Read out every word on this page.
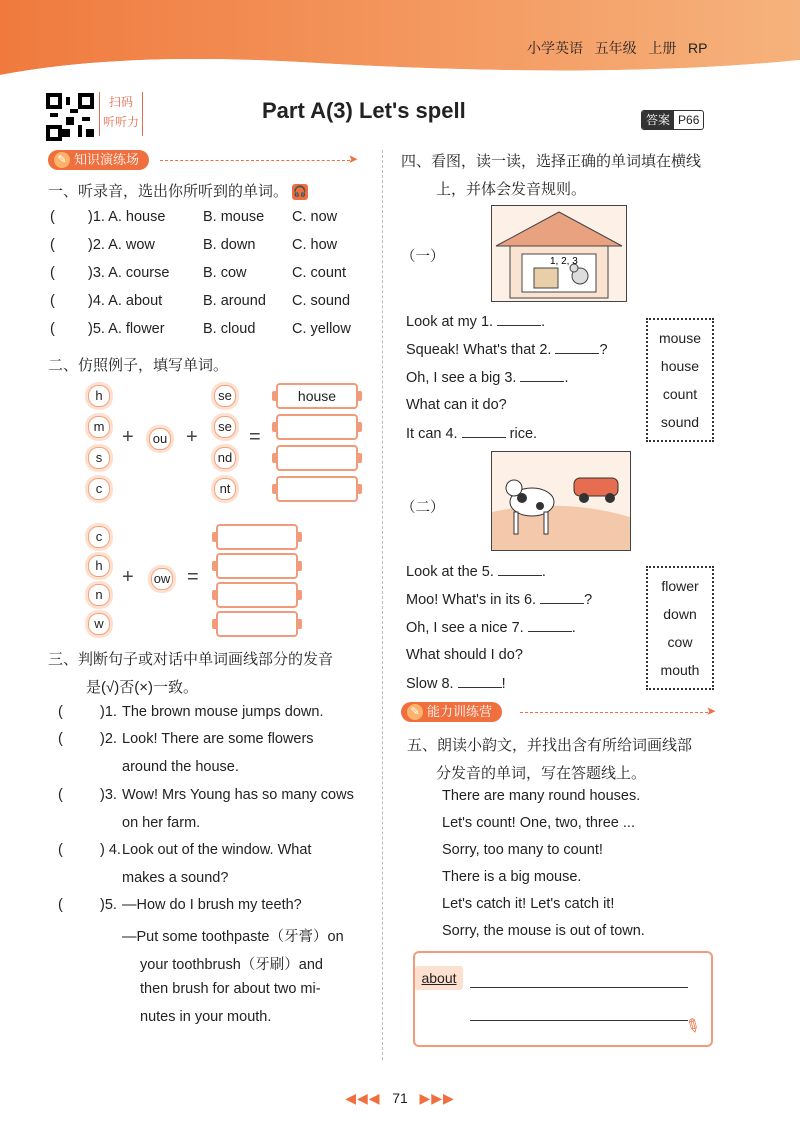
小学英语 五年级 上册 RP
扫码
听听力	Part A(3) Let's spell	答案 P66
✎ 知识演练场	➤
一、听录音，选出你所听到的单词。 🎧
( )1. A. house	B. mouse C. now
( )2. A. wow	B. down	C. how
( )3. A. course B. cow	C. count
( )4. A. about	B. around C. sound
( )5. A. flower	B. cloud	C. yellow
二、仿照例子，填写单词。
h
m
s
c
+ ou +
se
se
nd
nt
=
house
c
h
n
w
+ ow =
三、判断句子或对话中单词画线部分的发音
是(√)否(×)一致。
(	)1. The brown mouse jumps down.
(	)2. Look! There are some flowers
around the house.
(	)3. Wow! Mrs Young has so many cows
on her farm.
(	) 4. Look out of the window. What
makes a sound?
(	)5. —How do I brush my teeth?
—Put some toothpaste（牙膏）on
your toothbrush（牙刷）and
then brush for about two mi-
nutes in your mouth.
四、看图，读一读，选择正确的单词填在横线
上，并体会发音规则。
（一）	1, 2, 3
Look at my 1.	.
Squeak! What's that 2.	?
Oh, I see a big 3.	.
What can it do?
It can 4.	rice.
mouse
house
count
sound
（二）
Look at the 5.	.
Moo! What's in its 6.	?
Oh, I see a nice 7.	.
What should I do?
Slow 8.	!
flower
down
cow
mouth
✎ 能力训练营	➤
五、朗读小韵文，并找出含有所给词画线部
分发音的单词，写在答题线上。
There are many round houses.
Let's count! One, two, three ...
Sorry, too many to count!
There is a big mouse.
Let's catch it! Let's catch it!
Sorry, the mouse is out of town.
about
✎
◀◀◀ 71 ▶▶▶
